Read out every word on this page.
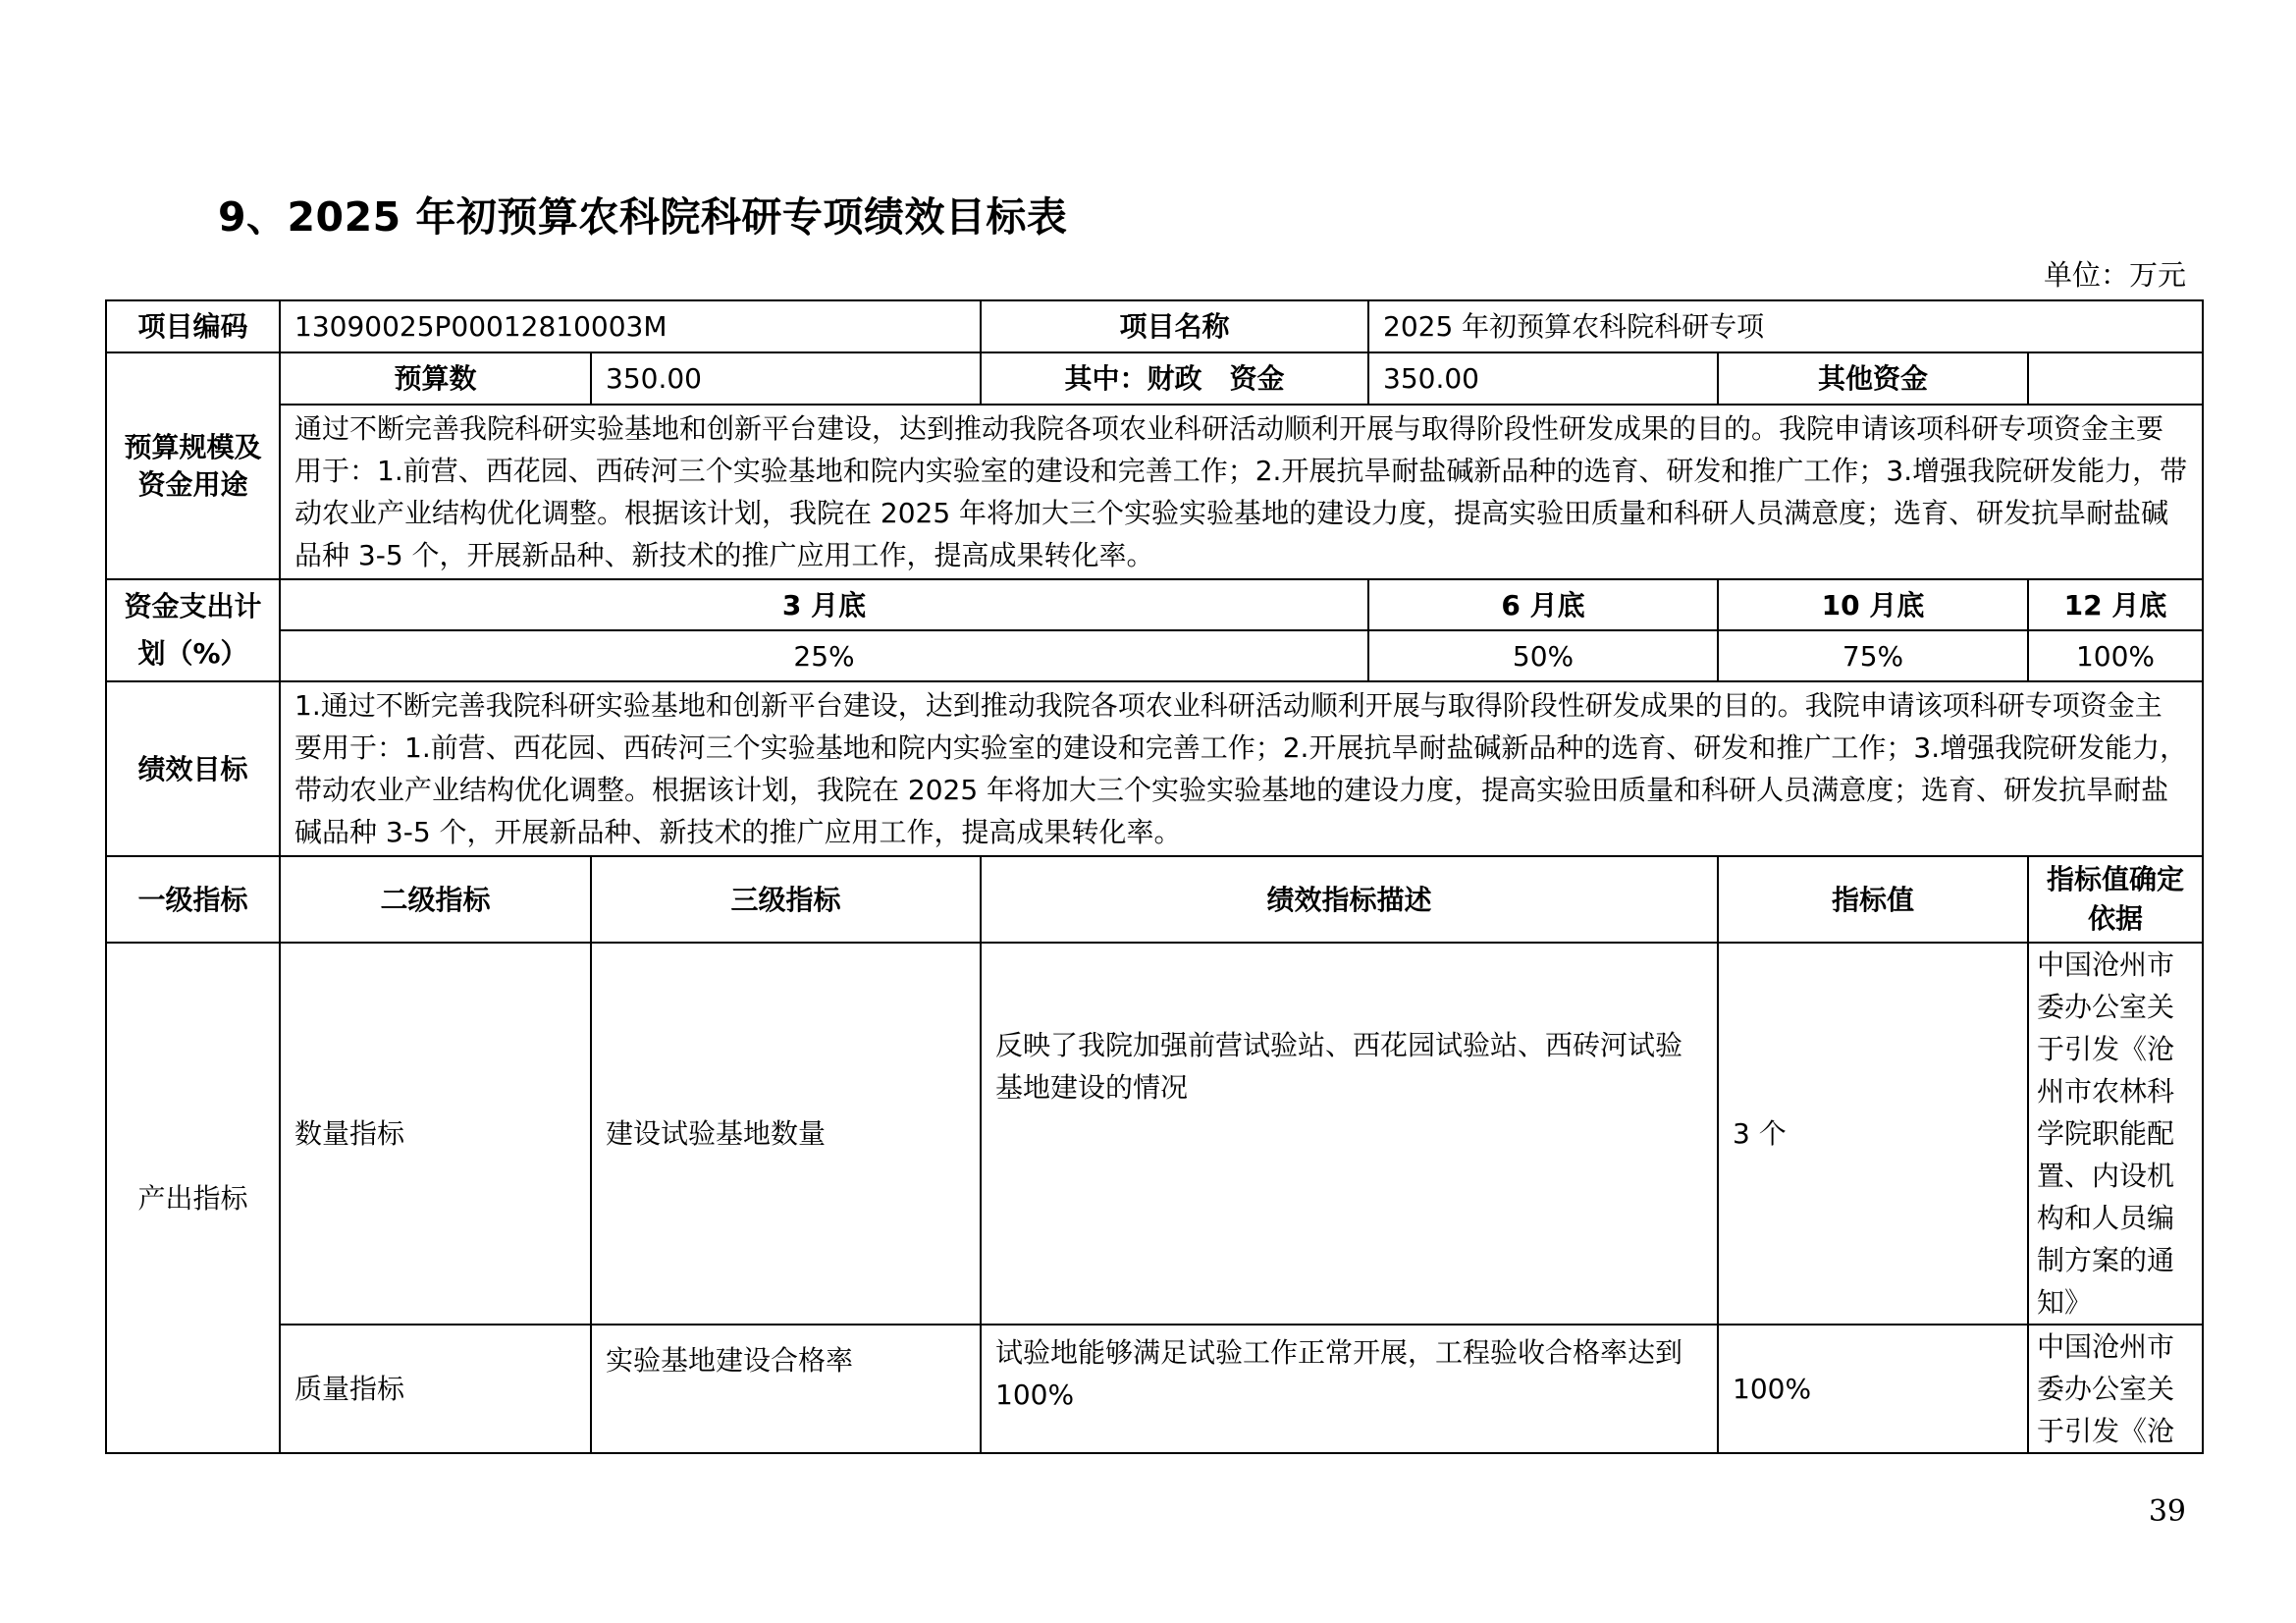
9、2025 年初预算农科院科研专项绩效目标表
单位：万元
项目编码	13090025P00012810003M		项目名称	2025 年初预算农科院科研专项		
预算规模及资金用途	预算数	350.00	其中：财政　资金	350.00	其他资金	
	通过不断完善我院科研实验基地和创新平台建设，达到推动我院各项农业科研活动顺利开展与取得阶段性研发成果的目的。我院申请该项科研专项资金主要用于：1.前营、西花园、西砖河三个实验基地和院内实验室的建设和完善工作；2.开展抗旱耐盐碱新品种的选育、研发和推广工作；3.增强我院研发能力，带动农业产业结构优化调整。根据该计划，我院在 2025 年将加大三个实验实验基地的建设力度，提高实验田质量和科研人员满意度；选育、研发抗旱耐盐碱品种 3-5 个，开展新品种、新技术的推广应用工作，提高成果转化率。					
资金支出计划（%）	3 月底			6 月底	10 月底	12 月底
	25%			50%	75%	100%
绩效目标	1.通过不断完善我院科研实验基地和创新平台建设，达到推动我院各项农业科研活动顺利开展与取得阶段性研发成果的目的。我院申请该项科研专项资金主要用于：1.前营、西花园、西砖河三个实验基地和院内实验室的建设和完善工作；2.开展抗旱耐盐碱新品种的选育、研发和推广工作；3.增强我院研发能力，带动农业产业结构优化调整。根据该计划，我院在 2025 年将加大三个实验实验基地的建设力度，提高实验田质量和科研人员满意度；选育、研发抗旱耐盐碱品种 3-5 个，开展新品种、新技术的推广应用工作，提高成果转化率。					
一级指标	二级指标	三级指标	绩效指标描述		指标值	指标值确定依据
产出指标	数量指标	建设试验基地数量	反映了我院加强前营试验站、西花园试验站、西砖河试验基地建设的情况		3 个	中国沧州市委办公室关于引发《沧州市农林科学院职能配置、内设机构和人员编制方案的通知》
	质量指标	实验基地建设合格率	试验地能够满足试验工作正常开展，工程验收合格率达到 100%		100%	中国沧州市委办公室关于引发《沧
39
